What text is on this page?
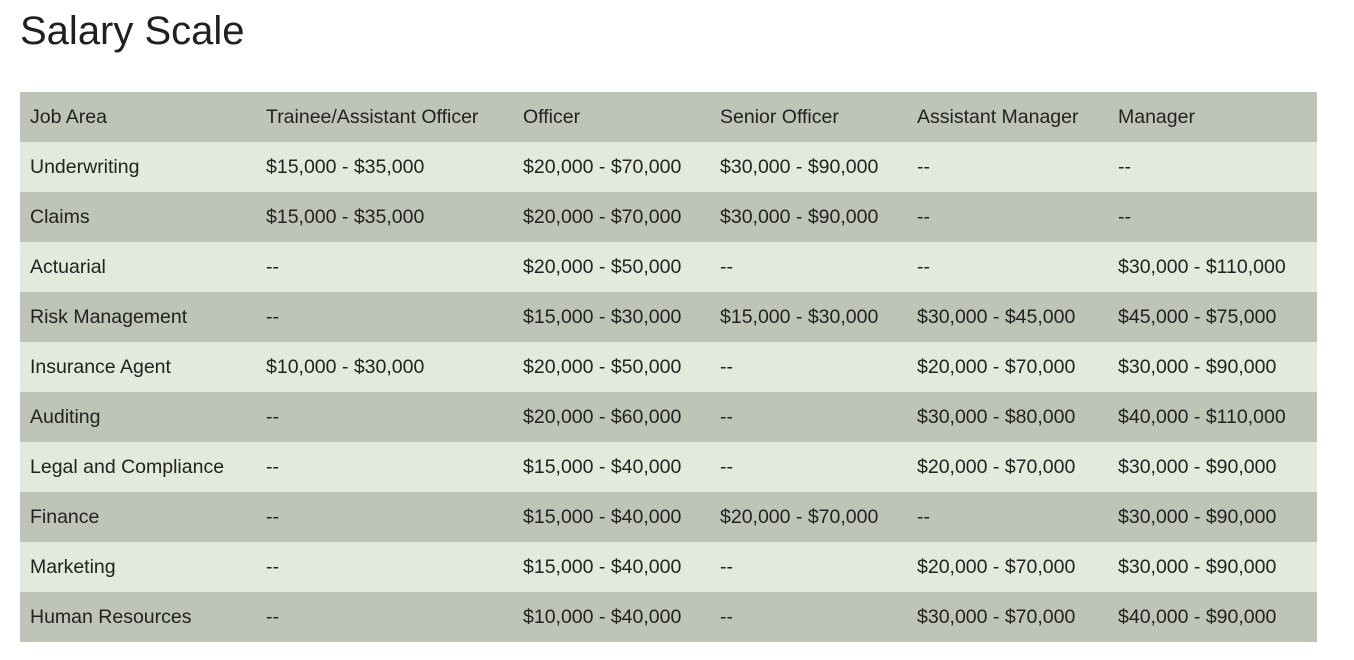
Salary Scale
Job Area	Trainee/Assistant Officer	Officer	Senior Officer	Assistant Manager	Manager
Underwriting	$15,000 - $35,000	$20,000 - $70,000	$30,000 - $90,000	--	--
Claims	$15,000 - $35,000	$20,000 - $70,000	$30,000 - $90,000	--	--
Actuarial	--	$20,000 - $50,000	--	--	$30,000 - $110,000
Risk Management	--	$15,000 - $30,000	$15,000 - $30,000	$30,000 - $45,000	$45,000 - $75,000
Insurance Agent	$10,000 - $30,000	$20,000 - $50,000	--	$20,000 - $70,000	$30,000 - $90,000
Auditing	--	$20,000 - $60,000	--	$30,000 - $80,000	$40,000 - $110,000
Legal and Compliance	--	$15,000 - $40,000	--	$20,000 - $70,000	$30,000 - $90,000
Finance	--	$15,000 - $40,000	$20,000 - $70,000	--	$30,000 - $90,000
Marketing	--	$15,000 - $40,000	--	$20,000 - $70,000	$30,000 - $90,000
Human Resources	--	$10,000 - $40,000	--	$30,000 - $70,000	$40,000 - $90,000
